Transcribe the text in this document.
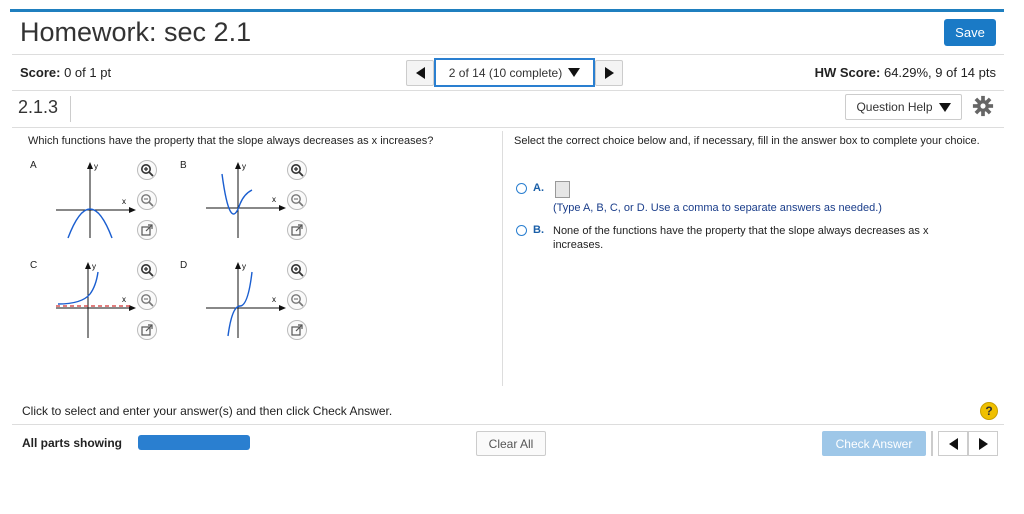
Homework: sec 2.1	Save
Score: 0 of 1 pt	2 of 14 (10 complete)	HW Score: 64.29%, 9 of 14 pts
2.1.3	Question Help
Which functions have the property that the slope always decreases as x increases?
A	y
x
B	y
x
C	y
x
D	y
x
Select the correct choice below and, if necessary, fill in the answer box to complete your choice.
A.
(Type A, B, C, or D. Use a comma to separate answers as needed.)
B. None of the functions have the property that the slope always decreases as x increases.
Click to select and enter your answer(s) and then click Check Answer.	?
All parts showing	Clear All	Check Answer
